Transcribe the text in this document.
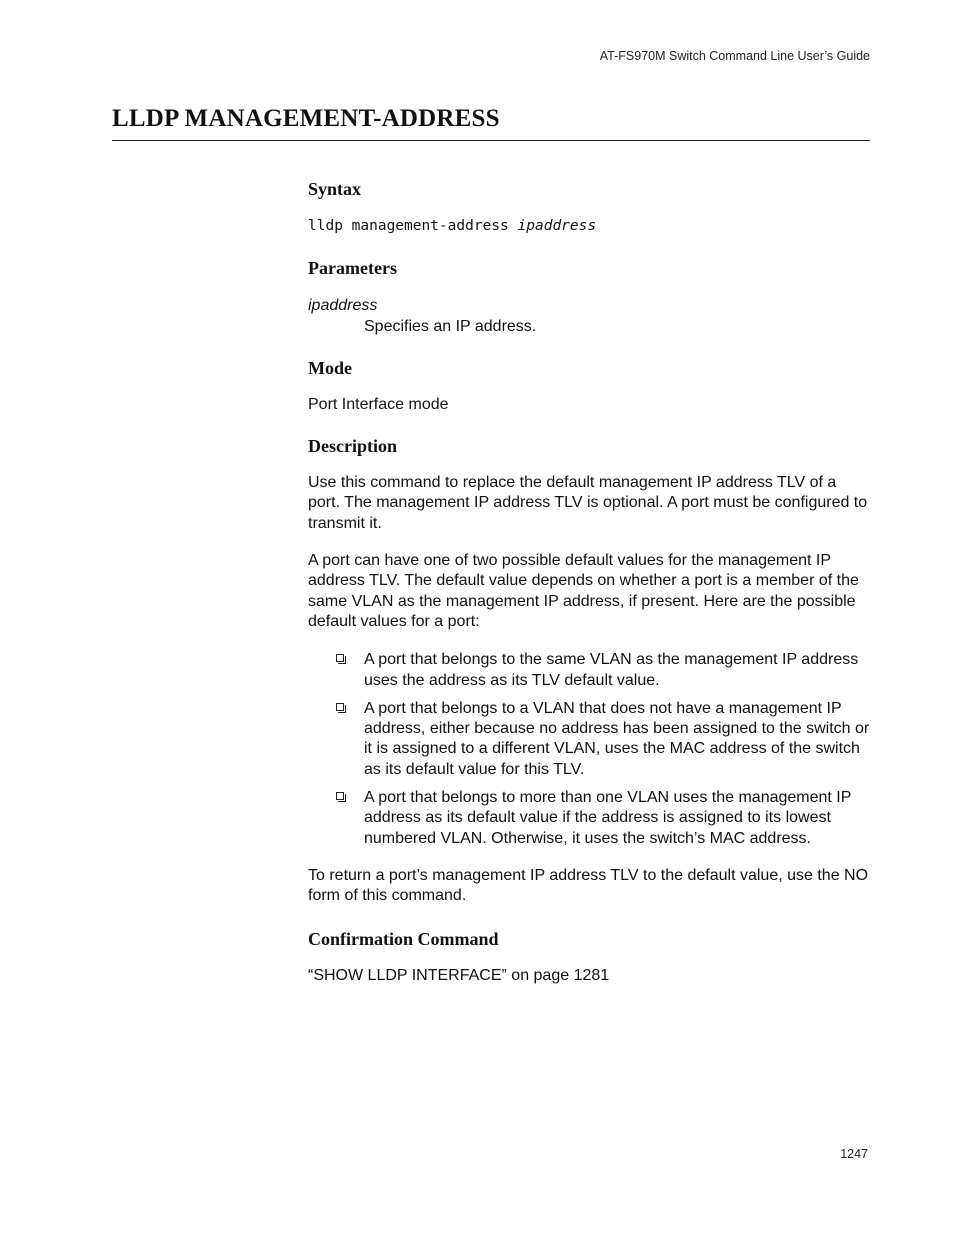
AT-FS970M Switch Command Line User’s Guide
LLDP MANAGEMENT-ADDRESS
Syntax

lldp management-address ipaddress

Parameters

ipaddress

Specifies an IP address.

Mode

Port Interface mode

Description

Use this command to replace the default management IP address TLV of a port. The management IP address TLV is optional. A port must be configured to transmit it.

A port can have one of two possible default values for the management IP address TLV. The default value depends on whether a port is a member of the same VLAN as the management IP address, if present. Here are the possible default values for a port:

A port that belongs to the same VLAN as the management IP address uses the address as its TLV default value.
A port that belongs to a VLAN that does not have a management IP address, either because no address has been assigned to the switch or it is assigned to a different VLAN, uses the MAC address of the switch as its default value for this TLV.
A port that belongs to more than one VLAN uses the management IP address as its default value if the address is assigned to its lowest numbered VLAN. Otherwise, it uses the switch’s MAC address.

To return a port’s management IP address TLV to the default value, use the NO form of this command.

Confirmation Command

“SHOW LLDP INTERFACE” on page 1281

1247
